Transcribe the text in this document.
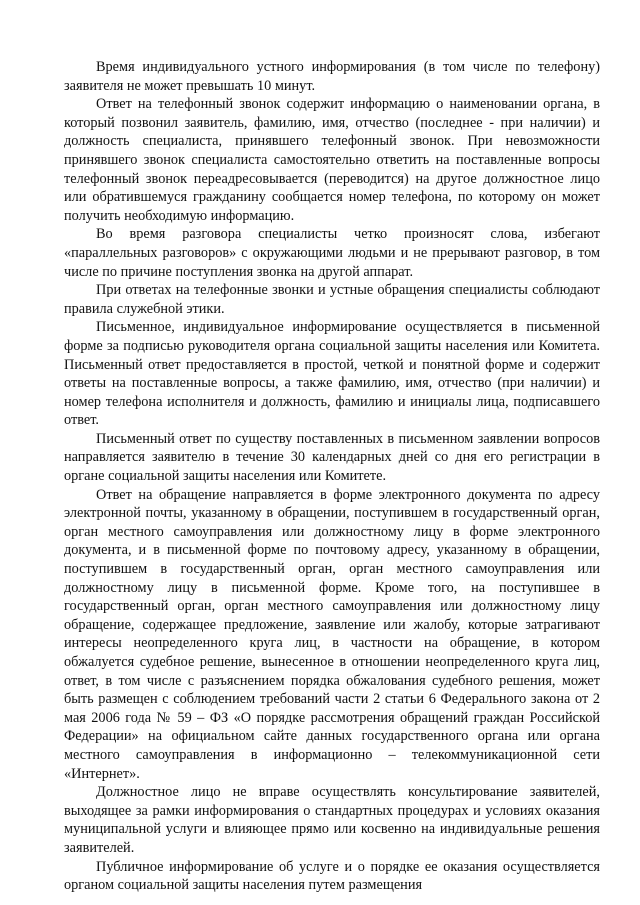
Время индивидуального устного информирования (в том числе по телефону) заявителя не может превышать 10 минут.

Ответ на телефонный звонок содержит информацию о наименовании органа, в который позвонил заявитель, фамилию, имя, отчество (последнее - при наличии) и должность специалиста, принявшего телефонный звонок. При невозможности принявшего звонок специалиста самостоятельно ответить на поставленные вопросы телефонный звонок переадресовывается (переводится) на другое должностное лицо или обратившемуся гражданину сообщается номер телефона, по которому он может получить необходимую информацию.

Во время разговора специалисты четко произносят слова, избегают «параллельных разговоров» с окружающими людьми и не прерывают разговор, в том числе по причине поступления звонка на другой аппарат.

При ответах на телефонные звонки и устные обращения специалисты соблюдают правила служебной этики.

Письменное, индивидуальное информирование осуществляется в письменной форме за подписью руководителя органа социальной защиты населения или Комитета. Письменный ответ предоставляется в простой, четкой и понятной форме и содержит ответы на поставленные вопросы, а также фамилию, имя, отчество (при наличии) и номер телефона исполнителя и должность, фамилию и инициалы лица, подписавшего ответ.

Письменный ответ по существу поставленных в письменном заявлении вопросов направляется заявителю в течение 30 календарных дней со дня его регистрации в органе социальной защиты населения или Комитете.

Ответ на обращение направляется в форме электронного документа по адресу электронной почты, указанному в обращении, поступившем в государственный орган, орган местного самоуправления или должностному лицу в форме электронного документа, и в письменной форме по почтовому адресу, указанному в обращении, поступившем в государственный орган, орган местного самоуправления или должностному лицу в письменной форме. Кроме того, на поступившее в государственный орган, орган местного самоуправления или должностному лицу обращение, содержащее предложение, заявление или жалобу, которые затрагивают интересы неопределенного круга лиц, в частности на обращение, в котором обжалуется судебное решение, вынесенное в отношении неопределенного круга лиц, ответ, в том числе с разъяснением порядка обжалования судебного решения, может быть размещен с соблюдением требований части 2 статьи 6 Федерального закона от 2 мая 2006 года № 59 – ФЗ «О порядке рассмотрения обращений граждан Российской Федерации» на официальном сайте данных государственного органа или органа местного самоуправления в информационно – телекоммуникационной сети «Интернет».

Должностное лицо не вправе осуществлять консультирование заявителей, выходящее за рамки информирования о стандартных процедурах и условиях оказания муниципальной услуги и влияющее прямо или косвенно на индивидуальные решения заявителей.

Публичное информирование об услуге и о порядке ее оказания осуществляется органом социальной защиты населения путем размещения
